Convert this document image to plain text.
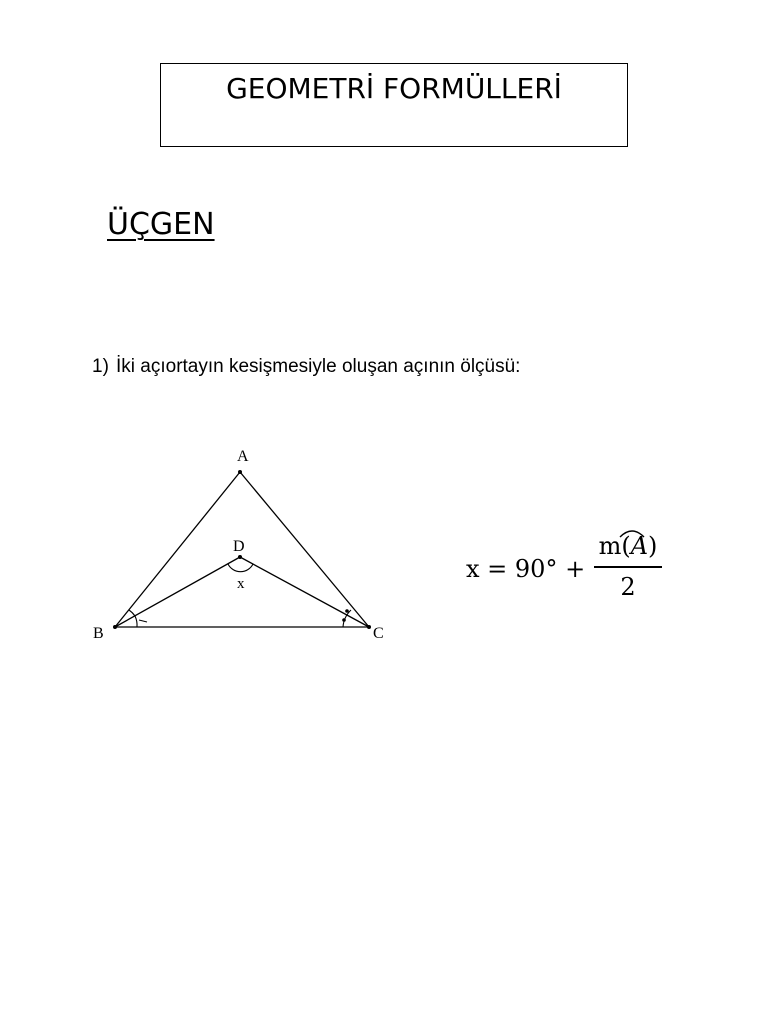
GEOMETRİ FORMÜLLERİ
ÜÇGEN
1) İki açıortayın kesişmesiyle oluşan açının ölçüsü:
A
B	C
D
x
x = 90° +
m(A)
2
